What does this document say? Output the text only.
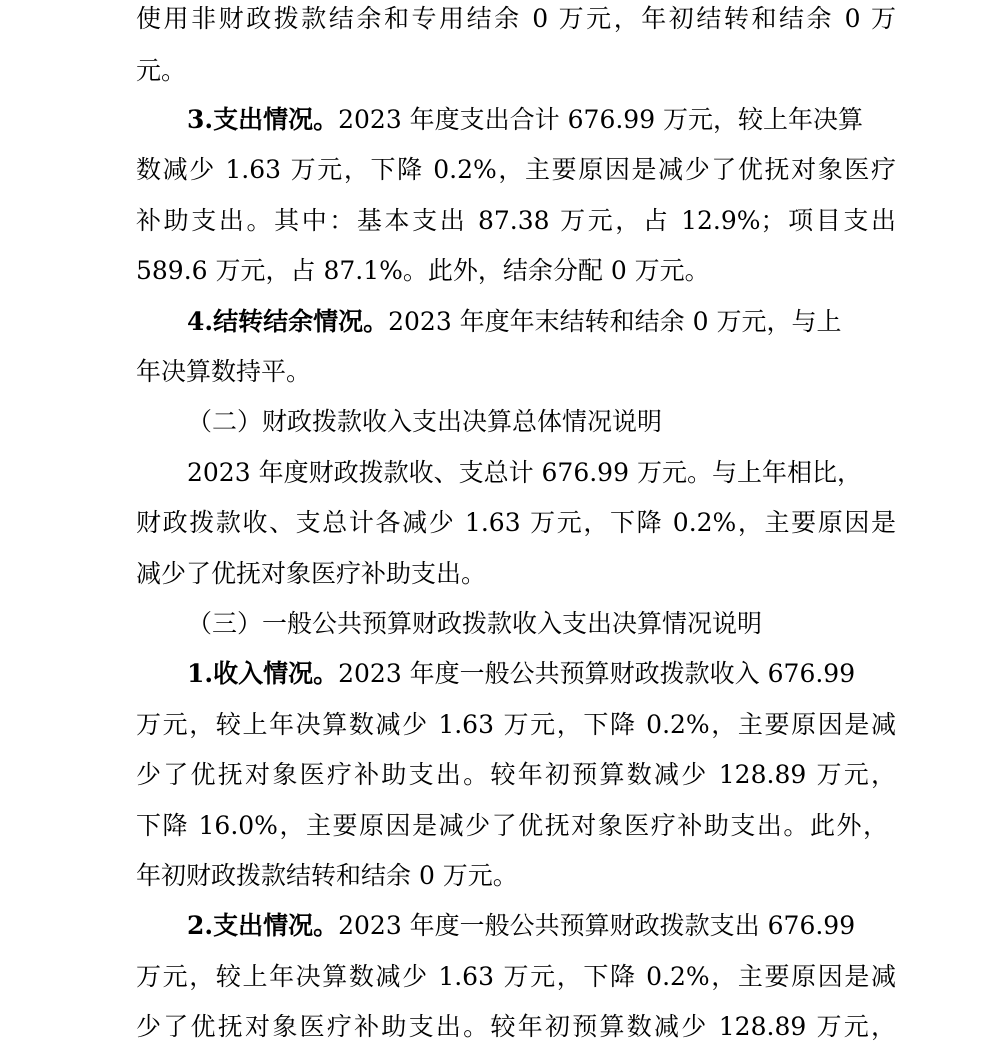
使用非财政拨款结余和专用结余 0 万元，年初结转和结余 0 万
元。
3.支出情况。2023 年度支出合计 676.99 万元，较上年决算
数减少 1.63 万元，下降 0.2%，主要原因是减少了优抚对象医疗
补助支出。其中：基本支出 87.38 万元，占 12.9%；项目支出
589.6 万元，占 87.1%。此外，结余分配 0 万元。
4.结转结余情况。2023 年度年末结转和结余 0 万元，与上
年决算数持平。
（二）财政拨款收入支出决算总体情况说明
2023 年度财政拨款收、支总计 676.99 万元。与上年相比，
财政拨款收、支总计各减少 1.63 万元，下降 0.2%，主要原因是
减少了优抚对象医疗补助支出。
（三）一般公共预算财政拨款收入支出决算情况说明
1.收入情况。2023 年度一般公共预算财政拨款收入 676.99
万元，较上年决算数减少 1.63 万元，下降 0.2%，主要原因是减
少了优抚对象医疗补助支出。较年初预算数减少 128.89 万元，
下降 16.0%，主要原因是减少了优抚对象医疗补助支出。此外，
年初财政拨款结转和结余 0 万元。
2.支出情况。2023 年度一般公共预算财政拨款支出 676.99
万元，较上年决算数减少 1.63 万元，下降 0.2%，主要原因是减
少了优抚对象医疗补助支出。较年初预算数减少 128.89 万元，
